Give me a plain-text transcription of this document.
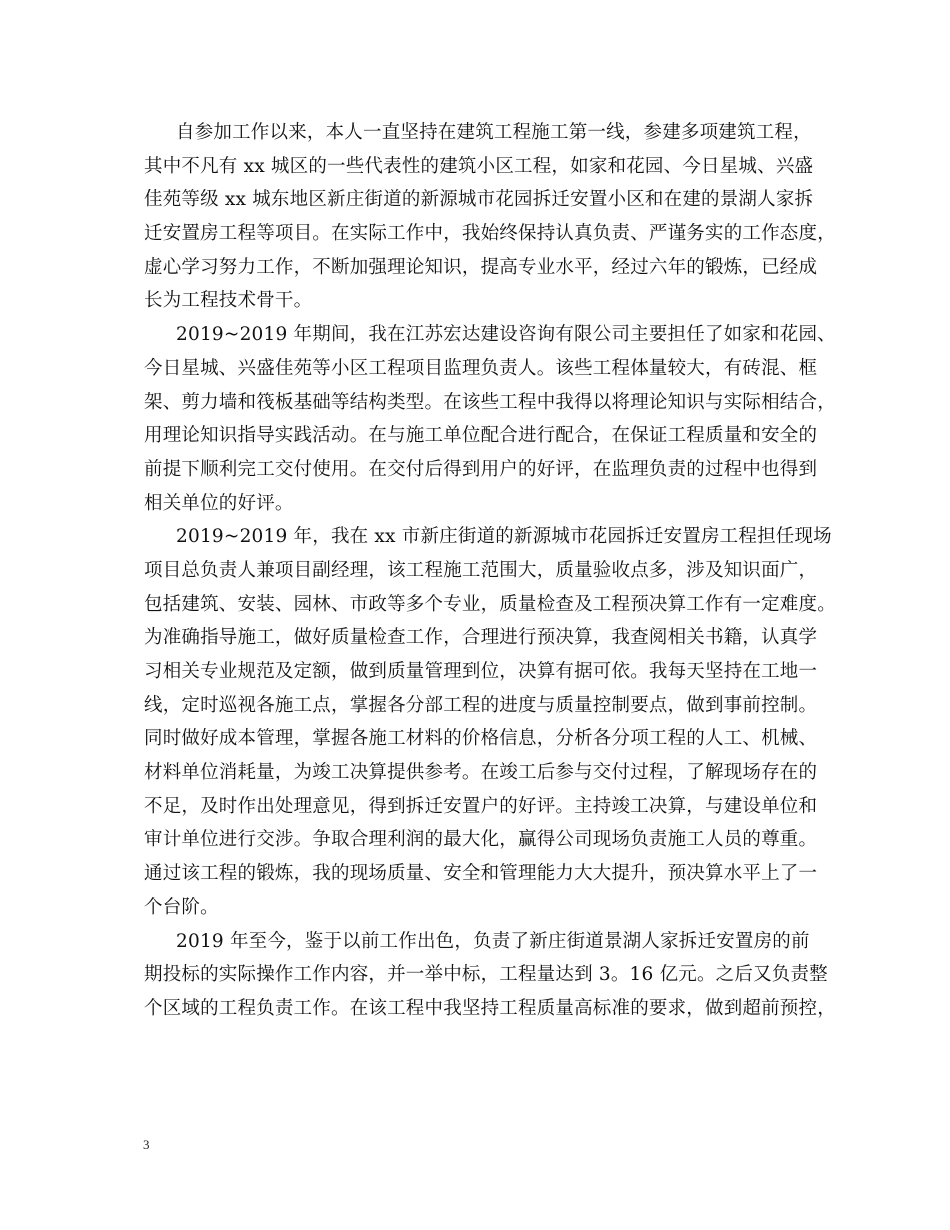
自参加工作以来，本人一直坚持在建筑工程施工第一线，参建多项建筑工程，
其中不凡有 xx 城区的一些代表性的建筑小区工程，如家和花园、今日星城、兴盛
佳苑等级 xx 城东地区新庄街道的新源城市花园拆迁安置小区和在建的景湖人家拆
迁安置房工程等项目。在实际工作中，我始终保持认真负责、严谨务实的工作态度，
虚心学习努力工作，不断加强理论知识，提高专业水平，经过六年的锻炼，已经成
长为工程技术骨干。
2019~2019 年期间，我在江苏宏达建设咨询有限公司主要担任了如家和花园、
今日星城、兴盛佳苑等小区工程项目监理负责人。该些工程体量较大，有砖混、框
架、剪力墙和筏板基础等结构类型。在该些工程中我得以将理论知识与实际相结合，
用理论知识指导实践活动。在与施工单位配合进行配合，在保证工程质量和安全的
前提下顺利完工交付使用。在交付后得到用户的好评，在监理负责的过程中也得到
相关单位的好评。
2019~2019 年，我在 xx 市新庄街道的新源城市花园拆迁安置房工程担任现场
项目总负责人兼项目副经理，该工程施工范围大，质量验收点多，涉及知识面广，
包括建筑、安装、园林、市政等多个专业，质量检查及工程预决算工作有一定难度。
为准确指导施工，做好质量检查工作，合理进行预决算，我查阅相关书籍，认真学
习相关专业规范及定额，做到质量管理到位，决算有据可依。我每天坚持在工地一
线，定时巡视各施工点，掌握各分部工程的进度与质量控制要点，做到事前控制。
同时做好成本管理，掌握各施工材料的价格信息，分析各分项工程的人工、机械、
材料单位消耗量，为竣工决算提供参考。在竣工后参与交付过程，了解现场存在的
不足，及时作出处理意见，得到拆迁安置户的好评。主持竣工决算，与建设单位和
审计单位进行交涉。争取合理利润的最大化，赢得公司现场负责施工人员的尊重。
通过该工程的锻炼，我的现场质量、安全和管理能力大大提升，预决算水平上了一
个台阶。
2019 年至今，鉴于以前工作出色，负责了新庄街道景湖人家拆迁安置房的前
期投标的实际操作工作内容，并一举中标，工程量达到 3。16 亿元。之后又负责整
个区域的工程负责工作。在该工程中我坚持工程质量高标准的要求，做到超前预控，
3
